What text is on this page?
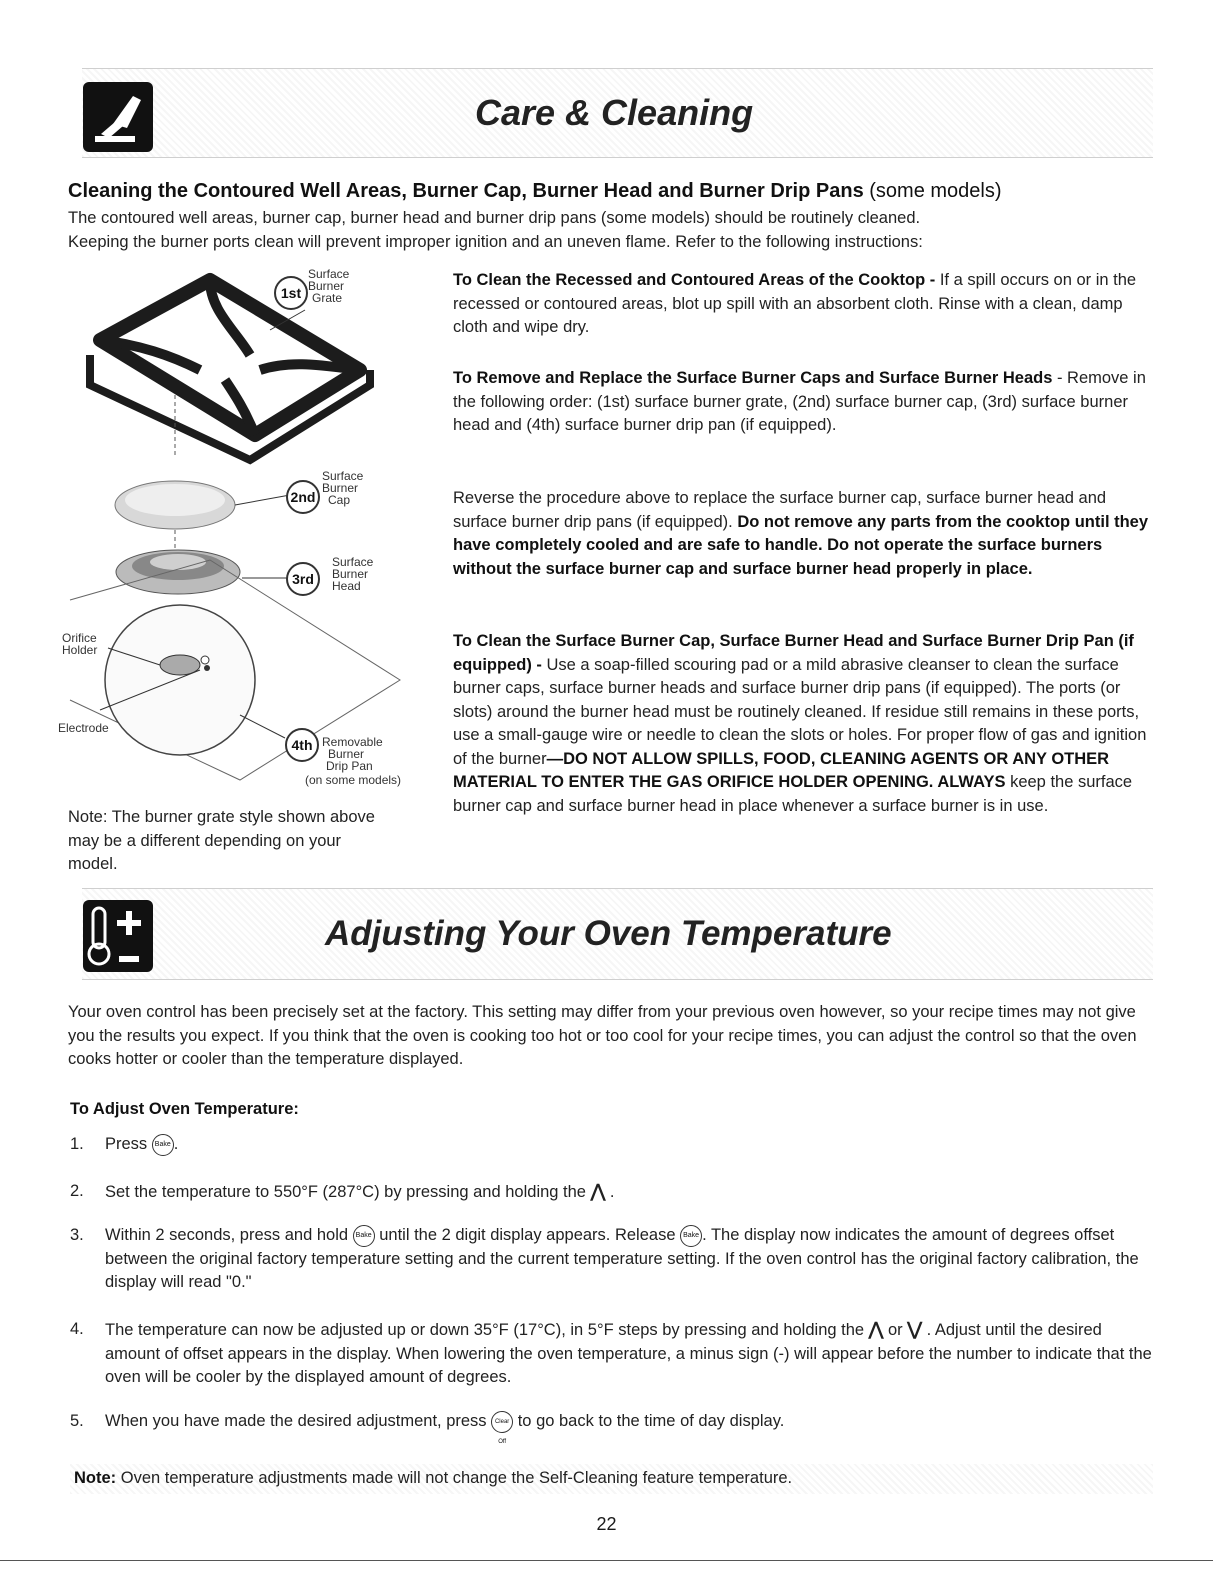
Care & Cleaning
Cleaning the Contoured Well Areas, Burner Cap, Burner Head and Burner Drip Pans (some models)
The contoured well areas, burner cap, burner head and burner drip pans (some models) should be routinely cleaned.
Keeping the burner ports clean will prevent improper ignition and an uneven flame. Refer to the following instructions:
1st
Surface
Burner
Grate
2nd
Surface
Burner
Cap
3rd
Surface
Burner
Head
Orifice
Holder
Electrode
4th Removable
Burner
Drip Pan
(on some models)
Note: The burner grate style shown above may be a different depending on your model.
To Clean the Recessed and Contoured Areas of the Cooktop - If a spill occurs on or in the recessed or contoured areas, blot up spill with an absorbent cloth. Rinse with a clean, damp cloth and wipe dry.
To Remove and Replace the Surface Burner Caps and Surface Burner Heads - Remove in the following order: (1st) surface burner grate, (2nd) surface burner cap, (3rd) surface burner head and (4th) surface burner drip pan (if equipped).
Reverse the procedure above to replace the surface burner cap, surface burner head and surface burner drip pans (if equipped). Do not remove any parts from the cooktop until they have completely cooled and are safe to handle. Do not operate the surface burners without the surface burner cap and surface burner head properly in place.
To Clean the Surface Burner Cap, Surface Burner Head and Surface Burner Drip Pan (if equipped) - Use a soap-filled scouring pad or a mild abrasive cleanser to clean the surface burner caps, surface burner heads and surface burner drip pans (if equipped). The ports (or slots) around the burner head must be routinely cleaned. If residue still remains in these ports, use a small-gauge wire or needle to clean the slots or holes. For proper flow of gas and ignition of the burner—DO NOT ALLOW SPILLS, FOOD, CLEANING AGENTS OR ANY OTHER MATERIAL TO ENTER THE GAS ORIFICE HOLDER OPENING. ALWAYS keep the surface burner cap and surface burner head in place whenever a surface burner is in use.
Adjusting Your Oven Temperature
Your oven control has been precisely set at the factory. This setting may differ from your previous oven however, so your recipe times may not give you the results you expect. If you think that the oven is cooking too hot or too cool for your recipe times, you can adjust the control so that the oven cooks hotter or cooler than the temperature displayed.
To Adjust Oven Temperature:
1. Press Bake .
2. Set the temperature to 550°F (287°C) by pressing and holding the ⋀ .
3. Within 2 seconds, press and hold Bake until the 2 digit display appears. Release Bake . The display now indicates the amount of degrees offset between the original factory temperature setting and the current temperature setting. If the oven control has the original factory calibration, the display will read "0."
4. The temperature can now be adjusted up or down 35°F (17°C), in 5°F steps by pressing and holding the ⋀ or ⋁ . Adjust until the desired amount of offset appears in the display. When lowering the oven temperature, a minus sign (-) will appear before the number to indicate that the oven will be cooler by the displayed amount of degrees.
5. When you have made the desired adjustment, press Clear Off to go back to the time of day display.
Note: Oven temperature adjustments made will not change the Self-Cleaning feature temperature.
22
